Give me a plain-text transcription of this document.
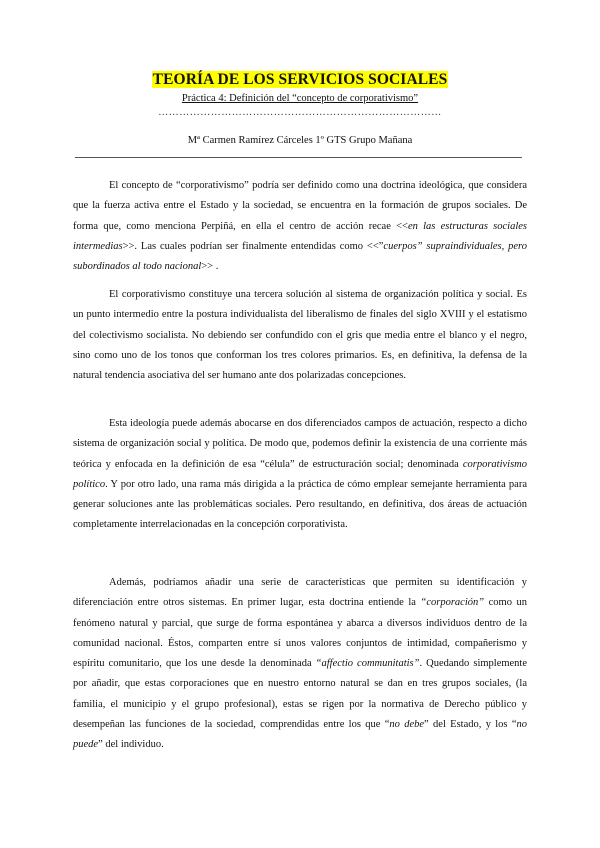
TEORÍA DE LOS SERVICIOS SOCIALES
Práctica 4: Definición del “concepto de corporativismo”
………………………………………………………………………
Mª Carmen Ramírez Cárceles 1º GTS Grupo Mañana

El concepto de “corporativismo” podría ser definido como una doctrina ideológica, que considera que la fuerza activa entre el Estado y la sociedad, se encuentra en la formación de grupos sociales. De forma que, como menciona Perpiñá, en ella el centro de acción recae <<en las estructuras sociales intermedias>>. Las cuales podrían ser finalmente entendidas como <<”cuerpos” supraindividuales, pero subordinados al todo nacional>> .

El corporativismo constituye una tercera solución al sistema de organización política y social. Es un punto intermedio entre la postura individualista del liberalismo de finales del siglo XVIII y el estatismo del colectivismo socialista. No debiendo ser confundido con el gris que media entre el blanco y el negro, sino como uno de los tonos que conforman los tres colores primarios. Es, en definitiva, la defensa de la natural tendencia asociativa del ser humano ante dos polarizadas concepciones.

Esta ideología puede además abocarse en dos diferenciados campos de actuación, respecto a dicho sistema de organización social y política. De modo que, podemos definir la existencia de una corriente más teórica y enfocada en la definición de esa “célula” de estructuración social; denominada corporativismo político. Y por otro lado, una rama más dirigida a la práctica de cómo emplear semejante herramienta para generar soluciones ante las problemáticas sociales. Pero resultando, en definitiva, dos áreas de actuación completamente interrelacionadas en la concepción corporativista.

Además, podríamos añadir una serie de características que permiten su identificación y diferenciación entre otros sistemas. En primer lugar, esta doctrina entiende la “corporación” como un fenómeno natural y parcial, que surge de forma espontánea y abarca a diversos individuos dentro de la comunidad nacional. Éstos, comparten entre sí unos valores conjuntos de intimidad, compañerismo y espíritu comunitario, que los une desde la denominada “affectio communitatis”. Quedando simplemente por añadir, que estas corporaciones que en nuestro entorno natural se dan en tres grupos sociales, (la familia, el municipio y el grupo profesional), estas se rigen por la normativa de Derecho público y desempeñan las funciones de la sociedad, comprendidas entre los que “no debe” del Estado, y los “no puede” del individuo.
